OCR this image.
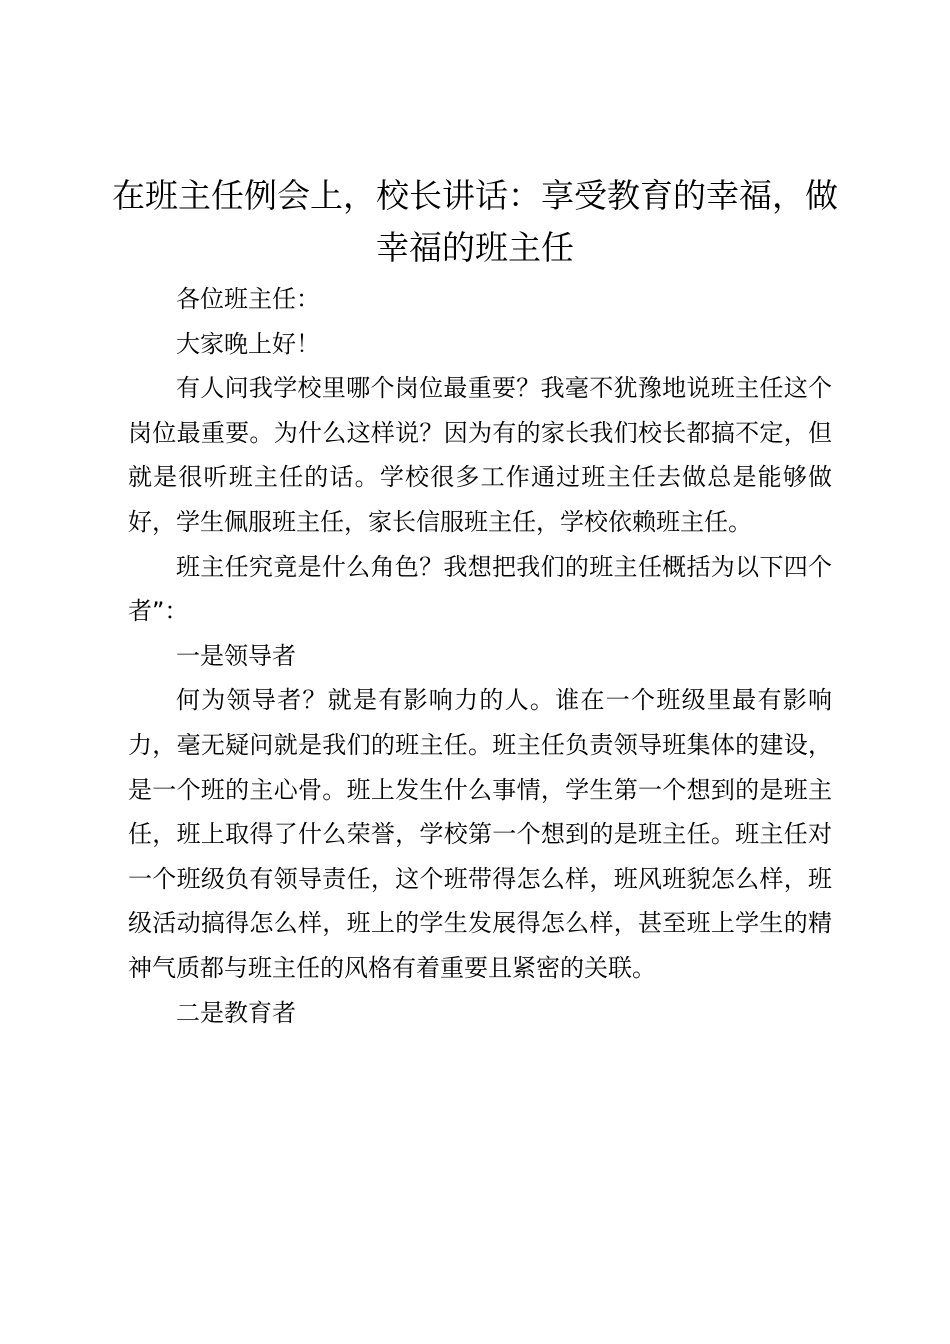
在班主任例会上，校长讲话：享受教育的幸福，做幸福的班主任

各位班主任：

大家晚上好！

有人问我学校里哪个岗位最重要？我毫不犹豫地说班主任这个岗位最重要。为什么这样说？因为有的家长我们校长都搞不定，但就是很听班主任的话。学校很多工作通过班主任去做总是能够做好，学生佩服班主任，家长信服班主任，学校依赖班主任。

班主任究竟是什么角色？我想把我们的班主任概括为以下四个者”：

一是领导者

何为领导者？就是有影响力的人。谁在一个班级里最有影响力，毫无疑问就是我们的班主任。班主任负责领导班集体的建设，是一个班的主心骨。班上发生什么事情，学生第一个想到的是班主任，班上取得了什么荣誉，学校第一个想到的是班主任。班主任对一个班级负有领导责任，这个班带得怎么样，班风班貌怎么样，班级活动搞得怎么样，班上的学生发展得怎么样，甚至班上学生的精神气质都与班主任的风格有着重要且紧密的关联。

二是教育者
